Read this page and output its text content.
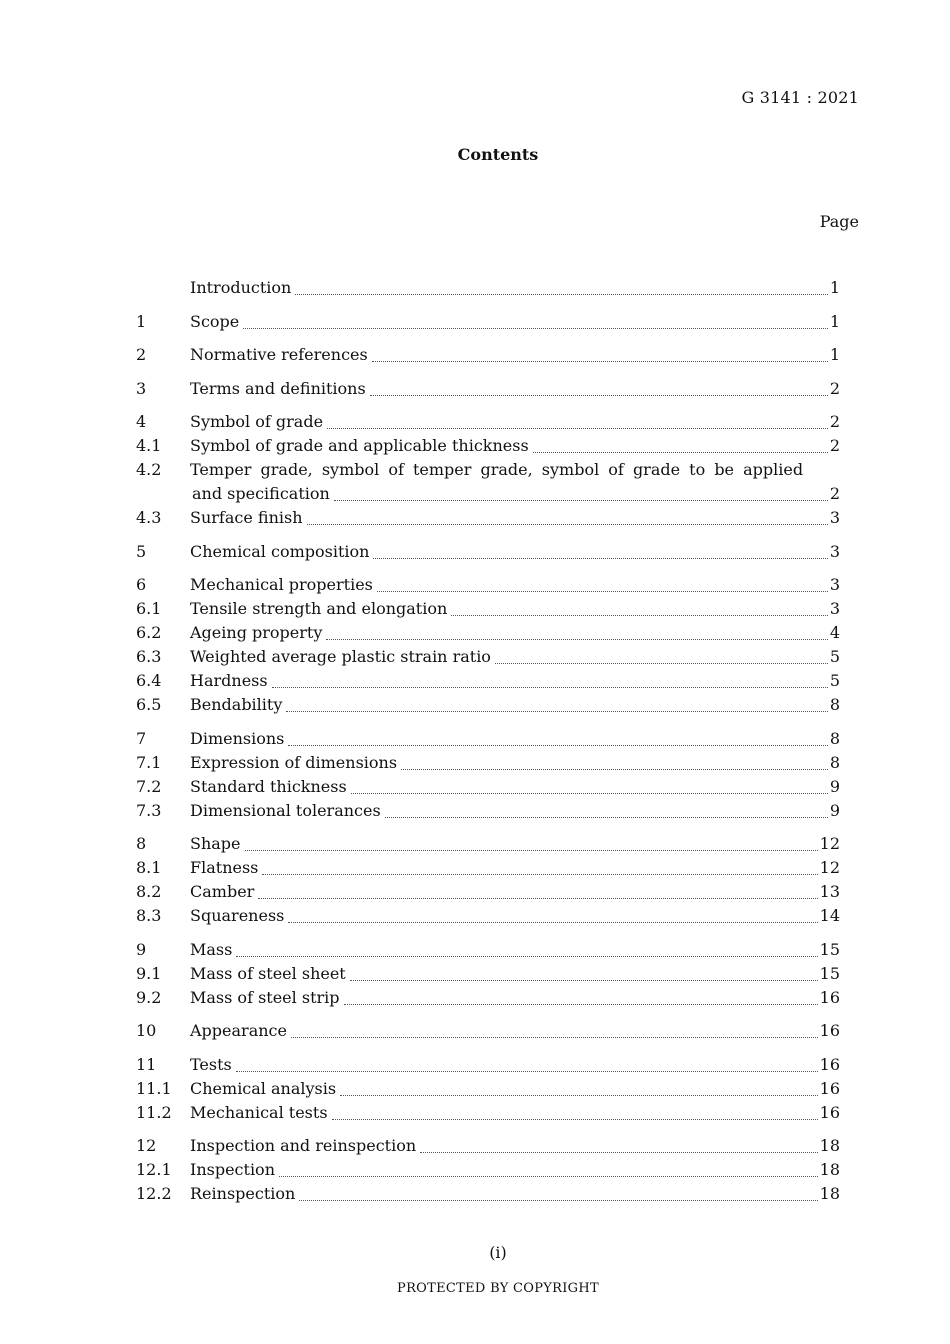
G 3141 : 2021
Contents
Page
Introduction	1
1	Scope	1
2	Normative references	1
3	Terms and definitions	2
4	Symbol of grade	2
4.1	Symbol of grade and applicable thickness	2
4.2	Temper grade, symbol of temper grade, symbol of grade to be applied
and specification	2
4.3	Surface finish	3
5	Chemical composition	3
6	Mechanical properties	3
6.1	Tensile strength and elongation	3
6.2	Ageing property	4
6.3	Weighted average plastic strain ratio	5
6.4	Hardness	5
6.5	Bendability	8
7	Dimensions	8
7.1	Expression of dimensions	8
7.2	Standard thickness	9
7.3	Dimensional tolerances	9
8	Shape	12
8.1	Flatness	12
8.2	Camber	13
8.3	Squareness	14
9	Mass	15
9.1	Mass of steel sheet	15
9.2	Mass of steel strip	16
10	Appearance	16
11	Tests	16
11.1	Chemical analysis	16
11.2	Mechanical tests	16
12	Inspection and reinspection	18
12.1	Inspection	18
12.2	Reinspection	18
(i)
PROTECTED BY COPYRIGHT
